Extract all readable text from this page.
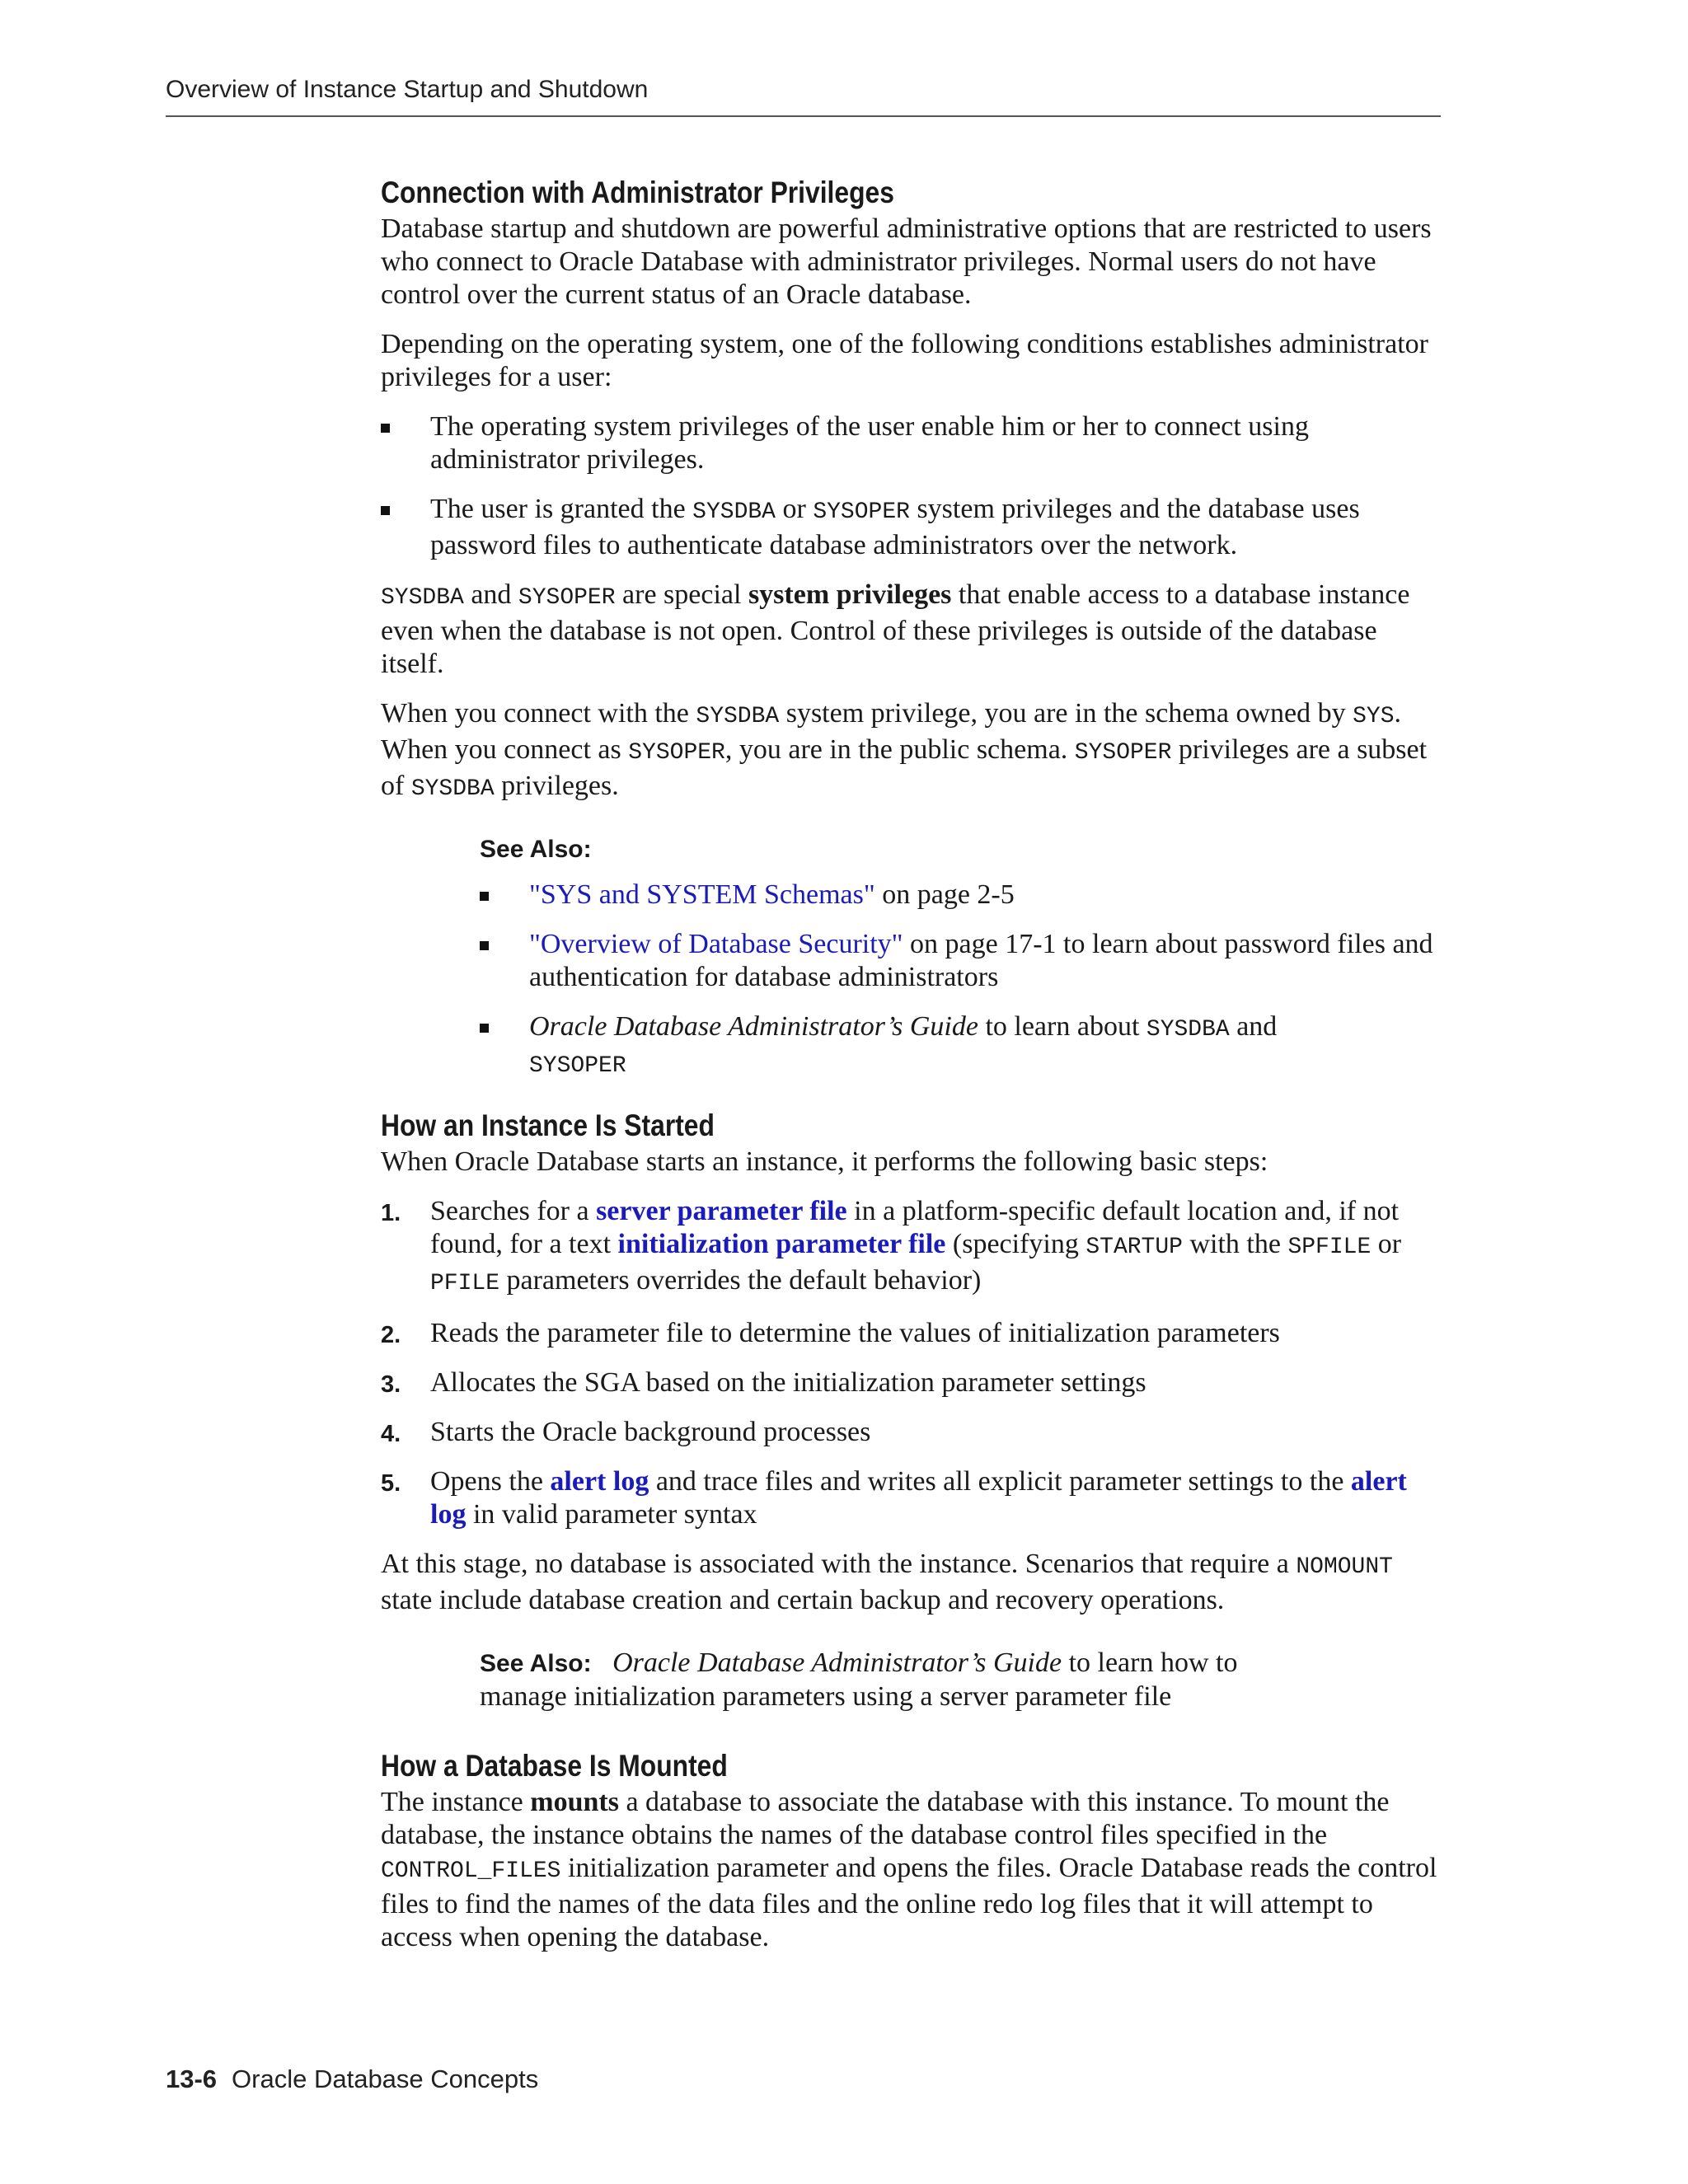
Overview of Instance Startup and Shutdown
Connection with Administrator Privileges

Database startup and shutdown are powerful administrative options that are restricted to users who connect to Oracle Database with administrator privileges. Normal users do not have control over the current status of an Oracle database.

Depending on the operating system, one of the following conditions establishes administrator privileges for a user:

The operating system privileges of the user enable him or her to connect using administrator privileges.
The user is granted the SYSDBA or SYSOPER system privileges and the database uses password files to authenticate database administrators over the network.

SYSDBA and SYSOPER are special system privileges that enable access to a database instance even when the database is not open. Control of these privileges is outside of the database itself.

When you connect with the SYSDBA system privilege, you are in the schema owned by SYS. When you connect as SYSOPER, you are in the public schema. SYSOPER privileges are a subset of SYSDBA privileges.

See Also:
"SYS and SYSTEM Schemas" on page 2-5
"Overview of Database Security" on page 17-1 to learn about password files and authentication for database administrators
Oracle Database Administrator’s Guide to learn about SYSDBA and
SYSOPER
How an Instance Is Started

When Oracle Database starts an instance, it performs the following basic steps:

1. Searches for a server parameter file in a platform-specific default location and, if not found, for a text initialization parameter file (specifying STARTUP with the SPFILE or PFILE parameters overrides the default behavior)
2. Reads the parameter file to determine the values of initialization parameters
3. Allocates the SGA based on the initialization parameter settings
4. Starts the Oracle background processes
5. Opens the alert log and trace files and writes all explicit parameter settings to the alert log in valid parameter syntax

At this stage, no database is associated with the instance. Scenarios that require a NOMOUNT state include database creation and certain backup and recovery operations.

See Also: Oracle Database Administrator’s Guide to learn how to manage initialization parameters using a server parameter file

How a Database Is Mounted

The instance mounts a database to associate the database with this instance. To mount the database, the instance obtains the names of the database control files specified in the CONTROL_FILES initialization parameter and opens the files. Oracle Database reads the control files to find the names of the data files and the online redo log files that it will attempt to access when opening the database.

13-6 Oracle Database Concepts
